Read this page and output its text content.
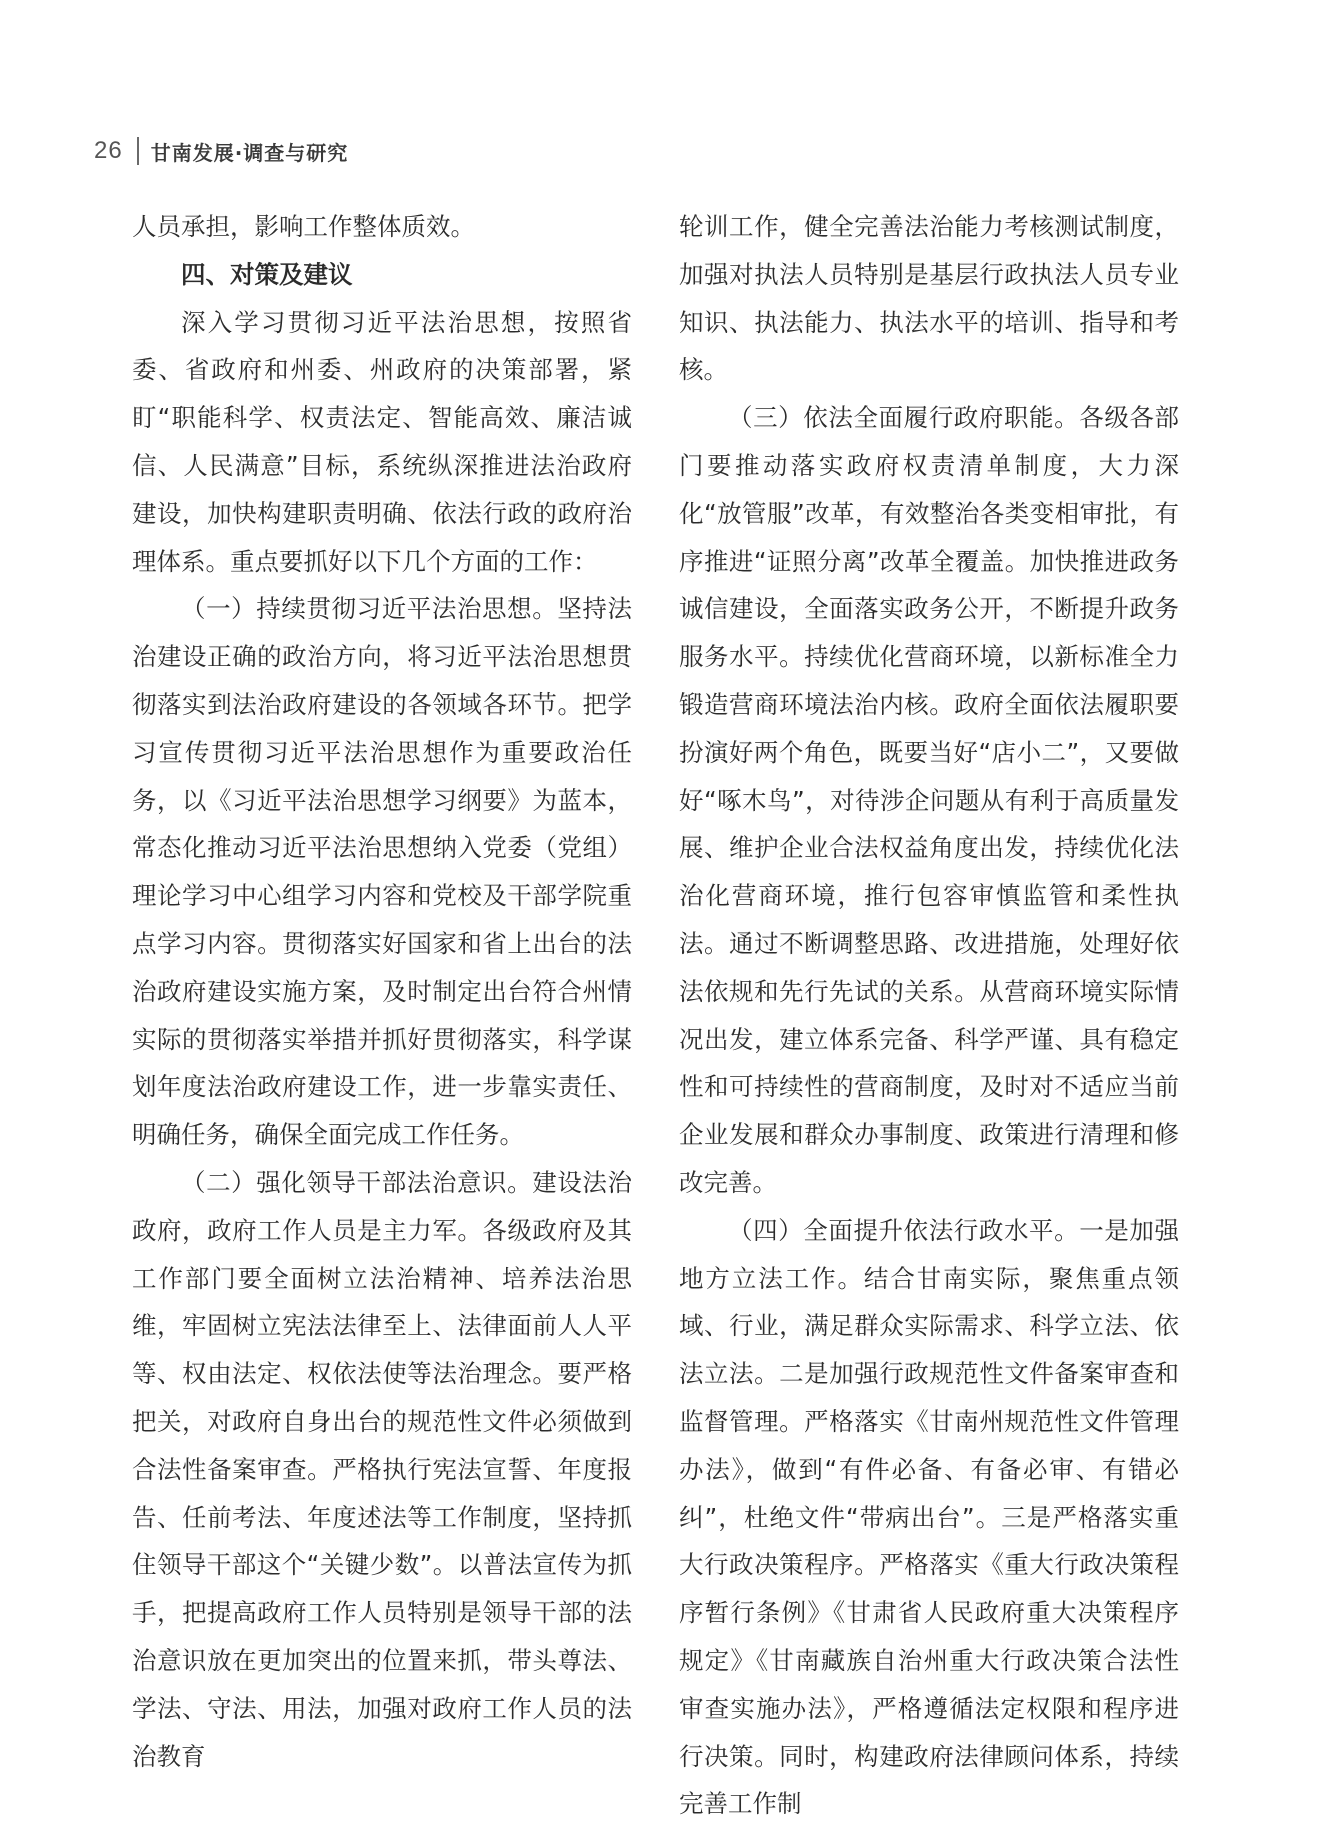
26 甘南发展·调查与研究

人员承担，影响工作整体质效。

四、对策及建议

深入学习贯彻习近平法治思想，按照省委、省政府和州委、州政府的决策部署，紧盯“职能科学、权责法定、智能高效、廉洁诚信、人民满意”目标，系统纵深推进法治政府建设，加快构建职责明确、依法行政的政府治理体系。重点要抓好以下几个方面的工作：

（一）持续贯彻习近平法治思想。坚持法治建设正确的政治方向，将习近平法治思想贯彻落实到法治政府建设的各领域各环节。把学习宣传贯彻习近平法治思想作为重要政治任务，以《习近平法治思想学习纲要》为蓝本，常态化推动习近平法治思想纳入党委（党组）理论学习中心组学习内容和党校及干部学院重点学习内容。贯彻落实好国家和省上出台的法治政府建设实施方案，及时制定出台符合州情实际的贯彻落实举措并抓好贯彻落实，科学谋划年度法治政府建设工作，进一步靠实责任、明确任务，确保全面完成工作任务。

（二）强化领导干部法治意识。建设法治政府，政府工作人员是主力军。各级政府及其工作部门要全面树立法治精神、培养法治思维，牢固树立宪法法律至上、法律面前人人平等、权由法定、权依法使等法治理念。要严格把关，对政府自身出台的规范性文件必须做到合法性备案审查。严格执行宪法宣誓、年度报告、任前考法、年度述法等工作制度，坚持抓住领导干部这个“关键少数”。以普法宣传为抓手，把提高政府工作人员特别是领导干部的法治意识放在更加突出的位置来抓，带头尊法、学法、守法、用法，加强对政府工作人员的法治教育

轮训工作，健全完善法治能力考核测试制度，加强对执法人员特别是基层行政执法人员专业知识、执法能力、执法水平的培训、指导和考核。

（三）依法全面履行政府职能。各级各部门要推动落实政府权责清单制度，大力深化“放管服”改革，有效整治各类变相审批，有序推进“证照分离”改革全覆盖。加快推进政务诚信建设，全面落实政务公开，不断提升政务服务水平。持续优化营商环境，以新标准全力锻造营商环境法治内核。政府全面依法履职要扮演好两个角色，既要当好“店小二”，又要做好“啄木鸟”，对待涉企问题从有利于高质量发展、维护企业合法权益角度出发，持续优化法治化营商环境，推行包容审慎监管和柔性执法。通过不断调整思路、改进措施，处理好依法依规和先行先试的关系。从营商环境实际情况出发，建立体系完备、科学严谨、具有稳定性和可持续性的营商制度，及时对不适应当前企业发展和群众办事制度、政策进行清理和修改完善。

（四）全面提升依法行政水平。一是加强地方立法工作。结合甘南实际，聚焦重点领域、行业，满足群众实际需求、科学立法、依法立法。二是加强行政规范性文件备案审查和监督管理。严格落实《甘南州规范性文件管理办法》，做到“有件必备、有备必审、有错必纠”，杜绝文件“带病出台”。三是严格落实重大行政决策程序。严格落实《重大行政决策程序暂行条例》《甘肃省人民政府重大决策程序规定》《甘南藏族自治州重大行政决策合法性审查实施办法》，严格遵循法定权限和程序进行决策。同时，构建政府法律顾问体系，持续完善工作制
